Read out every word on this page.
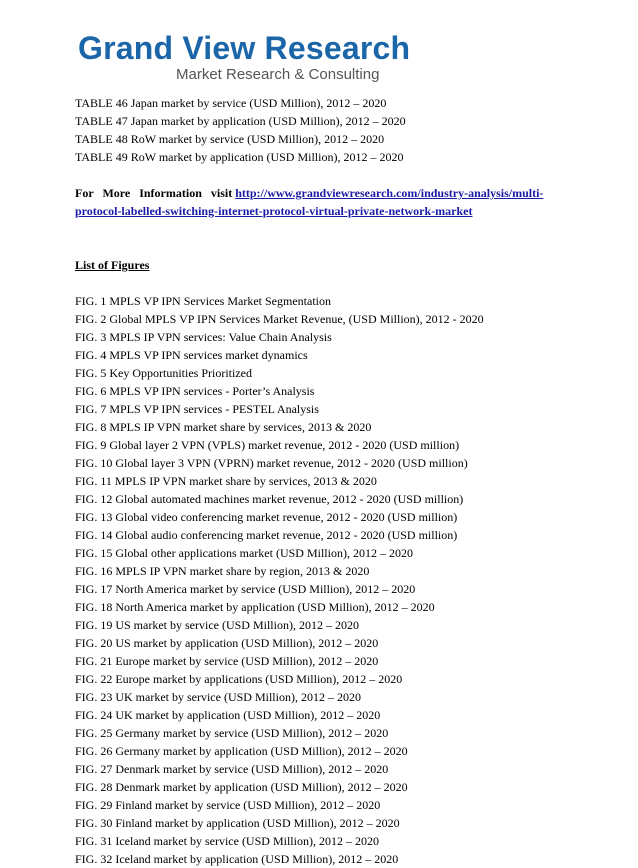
Grand View Research
Market Research & Consulting
TABLE 46 Japan market by service (USD Million), 2012 – 2020
TABLE 47 Japan market by application (USD Million), 2012 – 2020
TABLE 48 RoW market by service (USD Million), 2012 – 2020
TABLE 49 RoW market by application (USD Million), 2012 – 2020
For More Information visit http://www.grandviewresearch.com/industry-analysis/multi-
protocol-labelled-switching-internet-protocol-virtual-private-network-market
List of Figures
FIG. 1 MPLS VP IPN Services Market Segmentation
FIG. 2 Global MPLS VP IPN Services Market Revenue, (USD Million), 2012 - 2020
FIG. 3 MPLS IP VPN services: Value Chain Analysis
FIG. 4 MPLS VP IPN services market dynamics
FIG. 5 Key Opportunities Prioritized
FIG. 6 MPLS VP IPN services - Porter’s Analysis
FIG. 7 MPLS VP IPN services - PESTEL Analysis
FIG. 8 MPLS IP VPN market share by services, 2013 & 2020
FIG. 9 Global layer 2 VPN (VPLS) market revenue, 2012 - 2020 (USD million)
FIG. 10 Global layer 3 VPN (VPRN) market revenue, 2012 - 2020 (USD million)
FIG. 11 MPLS IP VPN market share by services, 2013 & 2020
FIG. 12 Global automated machines market revenue, 2012 - 2020 (USD million)
FIG. 13 Global video conferencing market revenue, 2012 - 2020 (USD million)
FIG. 14 Global audio conferencing market revenue, 2012 - 2020 (USD million)
FIG. 15 Global other applications market (USD Million), 2012 – 2020
FIG. 16 MPLS IP VPN market share by region, 2013 & 2020
FIG. 17 North America market by service (USD Million), 2012 – 2020
FIG. 18 North America market by application (USD Million), 2012 – 2020
FIG. 19 US market by service (USD Million), 2012 – 2020
FIG. 20 US market by application (USD Million), 2012 – 2020
FIG. 21 Europe market by service (USD Million), 2012 – 2020
FIG. 22 Europe market by applications (USD Million), 2012 – 2020
FIG. 23 UK market by service (USD Million), 2012 – 2020
FIG. 24 UK market by application (USD Million), 2012 – 2020
FIG. 25 Germany market by service (USD Million), 2012 – 2020
FIG. 26 Germany market by application (USD Million), 2012 – 2020
FIG. 27 Denmark market by service (USD Million), 2012 – 2020
FIG. 28 Denmark market by application (USD Million), 2012 – 2020
FIG. 29 Finland market by service (USD Million), 2012 – 2020
FIG. 30 Finland market by application (USD Million), 2012 – 2020
FIG. 31 Iceland market by service (USD Million), 2012 – 2020
FIG. 32 Iceland market by application (USD Million), 2012 – 2020
